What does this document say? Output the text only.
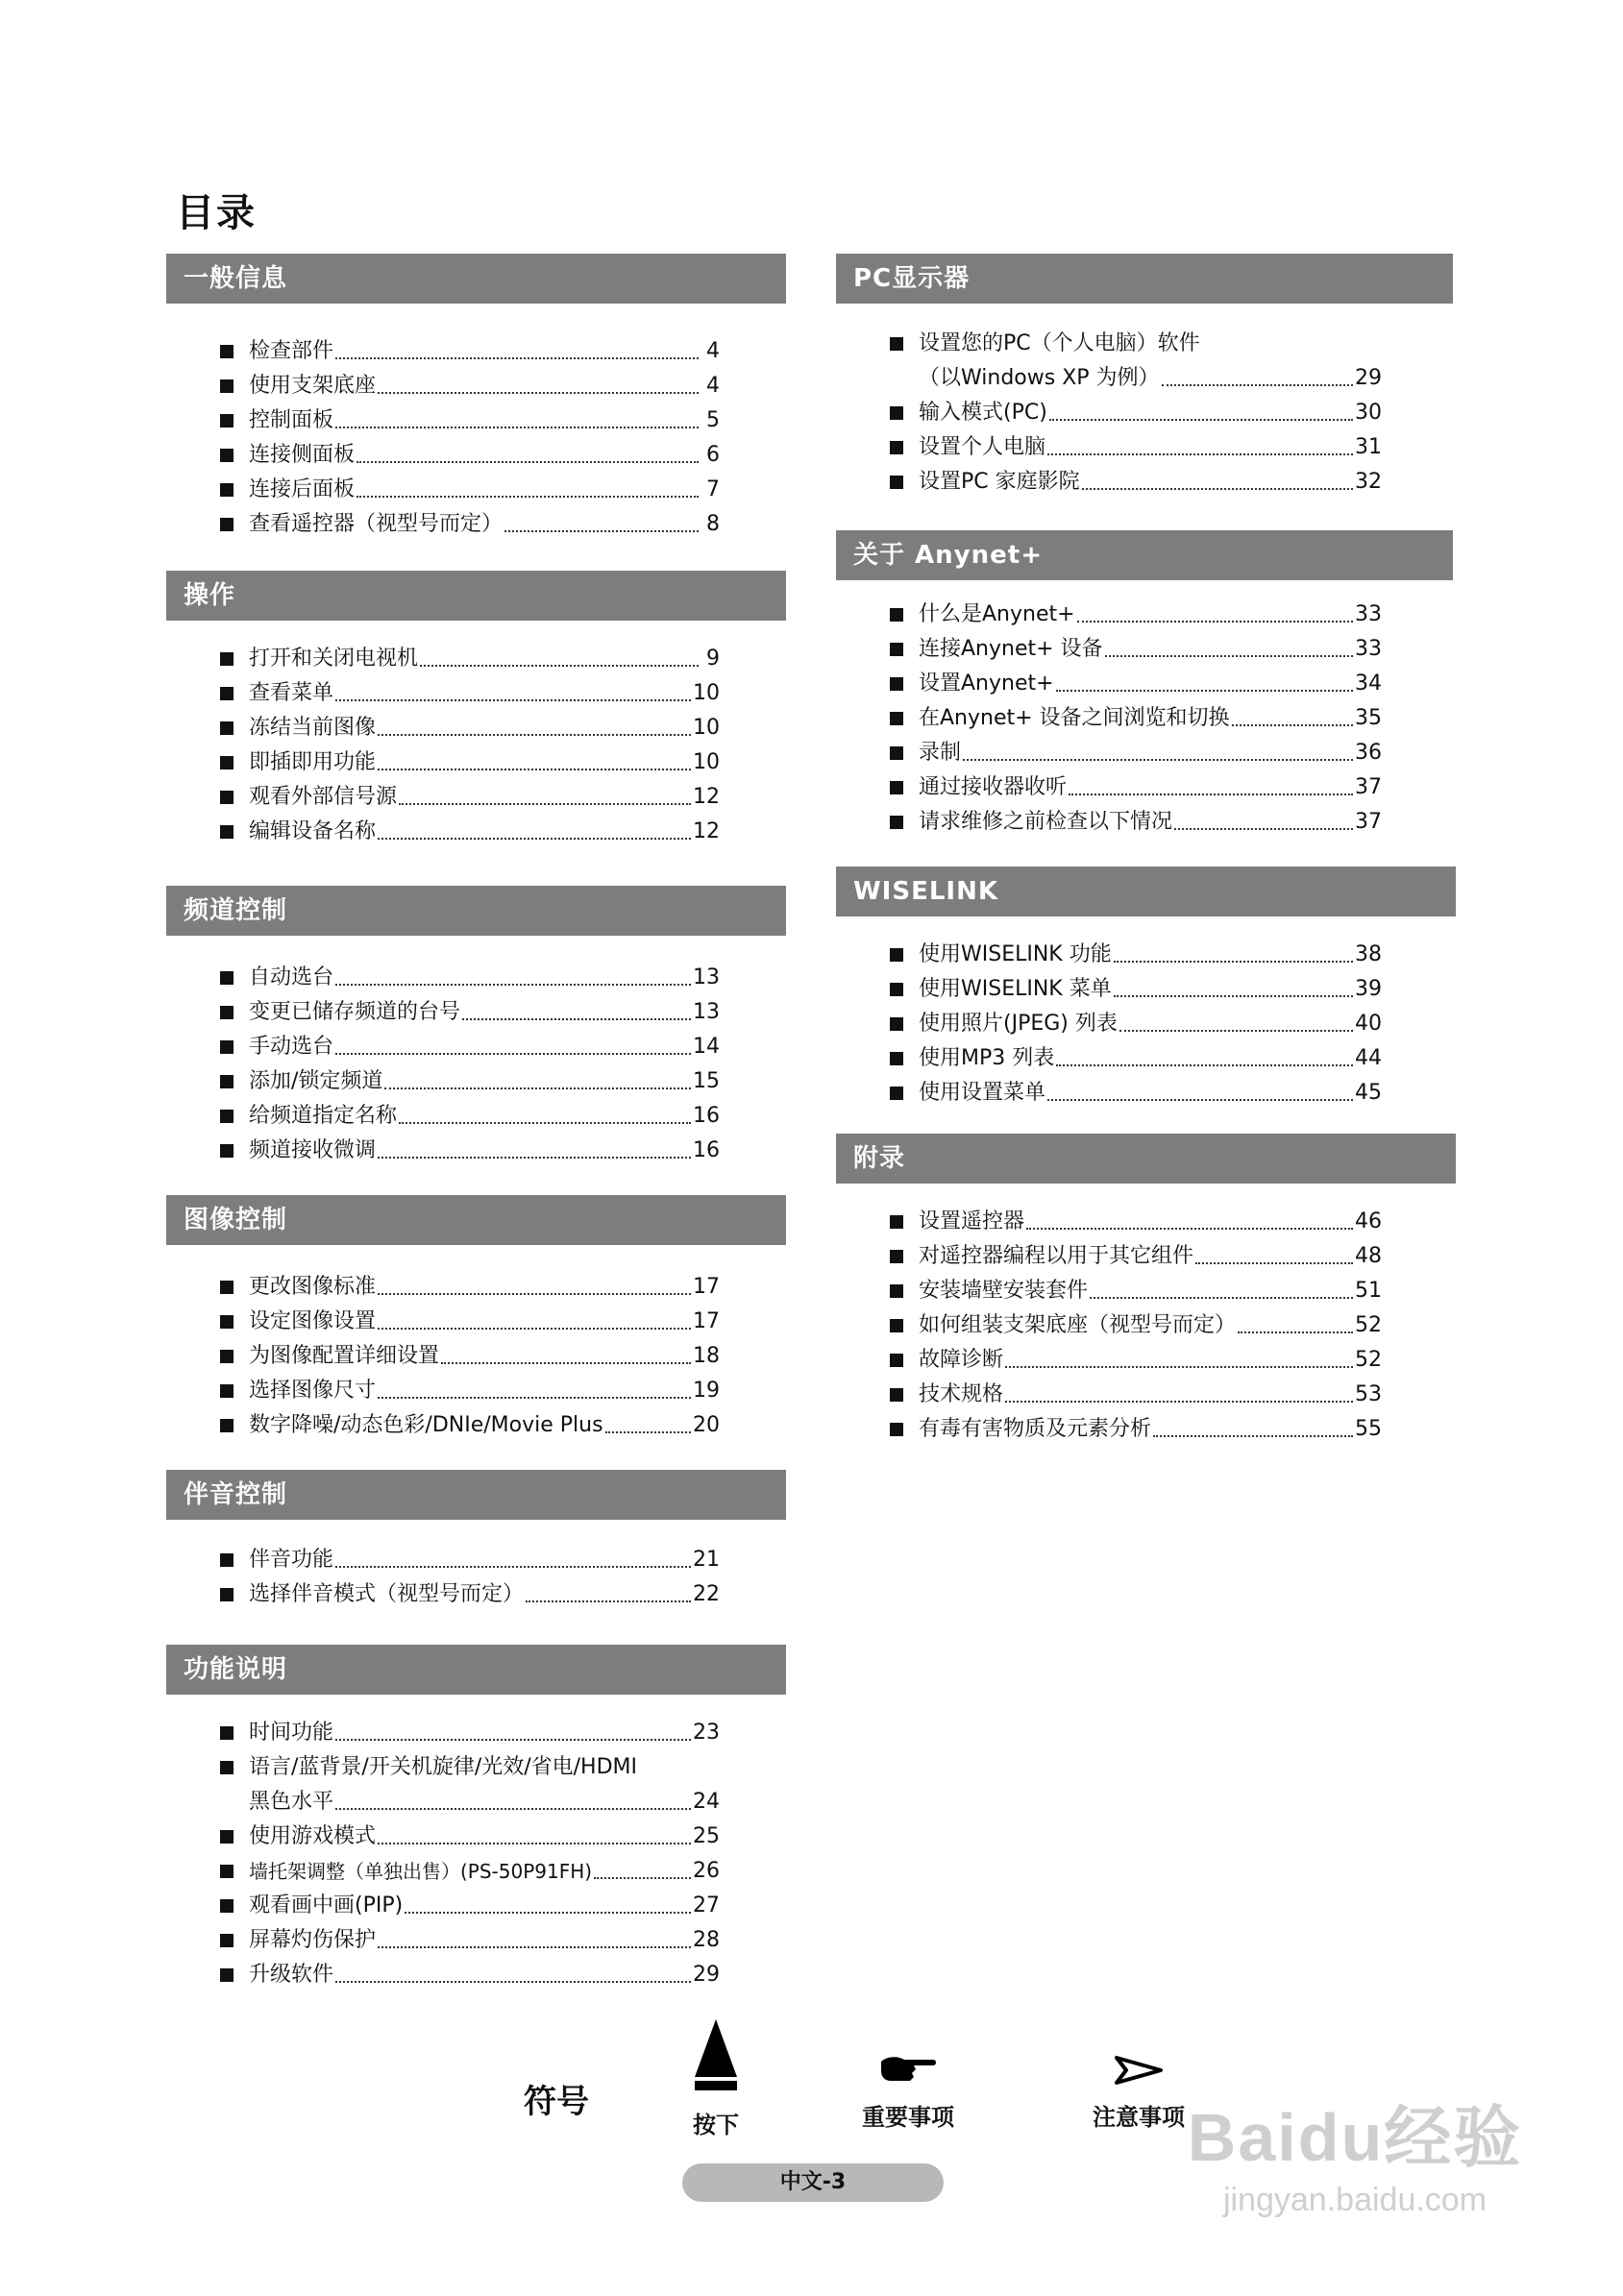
目录
一般信息
检查部件	4
使用支架底座	4
控制面板	5
连接侧面板	6
连接后面板	7
查看遥控器（视型号而定）	8
操作
打开和关闭电视机	9
查看菜单	10
冻结当前图像	10
即插即用功能	10
观看外部信号源	12
编辑设备名称	12
频道控制
自动选台	13
变更已储存频道的台号	13
手动选台	14
添加/锁定频道	15
给频道指定名称	16
频道接收微调	16
图像控制
更改图像标准	17
设定图像设置	17
为图像配置详细设置	18
选择图像尺寸	19
数字降噪/动态色彩/DNIe/Movie Plus	20
伴音控制
伴音功能	21
选择伴音模式（视型号而定）	22
功能说明
时间功能	23
语言/蓝背景/开关机旋律/光效/省电/HDMI
黑色水平	24
使用游戏模式	25
墙托架调整（单独出售）(PS-50P91FH)	26
观看画中画(PIP)	27
屏幕灼伤保护	28
升级软件	29
PC显示器
设置您的PC（个人电脑）软件
（以Windows XP 为例）	29
输入模式(PC)	30
设置个人电脑	31
设置PC 家庭影院	32
关于 Anynet+
什么是Anynet+	33
连接Anynet+ 设备	33
设置Anynet+	34
在Anynet+ 设备之间浏览和切换	35
录制	36
通过接收器收听	37
请求维修之前检查以下情况	37
WISELINK
使用WISELINK 功能	38
使用WISELINK 菜单	39
使用照片(JPEG) 列表	40
使用MP3 列表	44
使用设置菜单	45
附录
设置遥控器	46
对遥控器编程以用于其它组件	48
安装墙壁安装套件	51
如何组装支架底座（视型号而定）	52
故障诊断	52
技术规格	53
有毒有害物质及元素分析	55
符号
按下	重要事项	注意事项
中文-3
Baidu经验
jingyan.baidu.com
